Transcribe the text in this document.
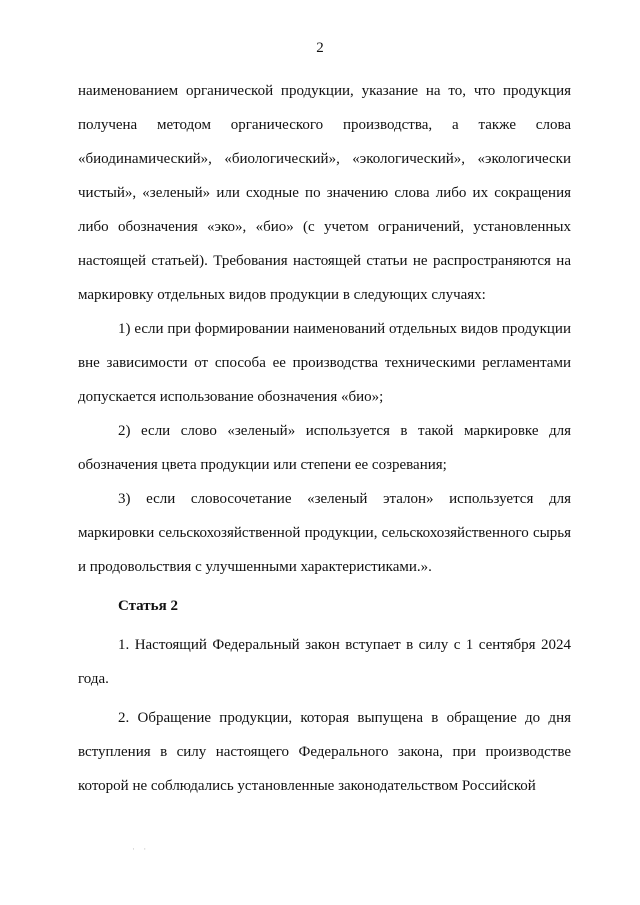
2

наименованием органической продукции, указание на то, что продукция получена методом органического производства, а также слова «биодинамический», «биологический», «экологический», «экологически чистый», «зеленый» или сходные по значению слова либо их сокращения либо обозначения «эко», «био» (с учетом ограничений, установленных настоящей статьей). Требования настоящей статьи не распространяются на маркировку отдельных видов продукции в следующих случаях:

1) если при формировании наименований отдельных видов продукции вне зависимости от способа ее производства техническими регламентами допускается использование обозначения «био»;

2) если слово «зеленый» используется в такой маркировке для обозначения цвета продукции или степени ее созревания;

3) если словосочетание «зеленый эталон» используется для маркировки сельскохозяйственной продукции, сельскохозяйственного сырья и продовольствия с улучшенными характеристиками.».

Статья 2

1. Настоящий Федеральный закон вступает в силу с 1 сентября 2024 года.

2. Обращение продукции, которая выпущена в обращение до дня вступления в силу настоящего Федерального закона, при производстве которой не соблюдались установленные законодательством Российской

· ·
